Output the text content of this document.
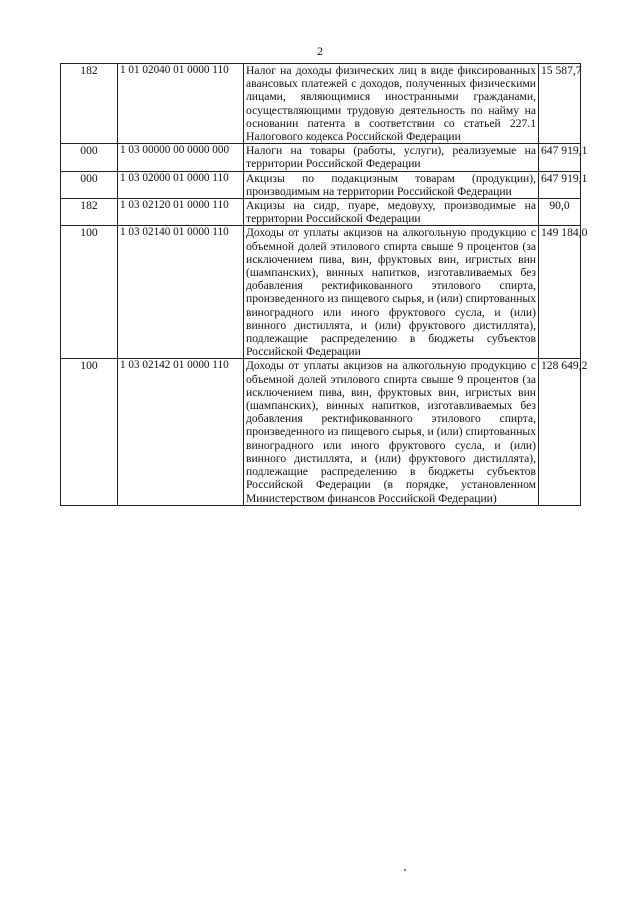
2
182	1 01 02040 01 0000 110	Налог на доходы физических лиц в виде фиксированных авансовых платежей с доходов, полученных физическими лицами, являющимися иностранными гражданами, осуществляющими трудовую деятельность по найму на основании патента в соответствии со статьей 227.1 Налогового кодекса Российской Федерации	15 587,7
000	1 03 00000 00 0000 000	Налоги на товары (работы, услуги), реализуемые на территории Российской Федерации	647 919,1
000	1 03 02000 01 0000 110	Акцизы по подакцизным товарам (продукции), производимым на территории Российской Федерации	647 919,1
182	1 03 02120 01 0000 110	Акцизы на сидр, пуаре, медовуху, производимые на территории Российской Федерации	90,0
100	1 03 02140 01 0000 110	Доходы от уплаты акцизов на алкогольную продукцию с объемной долей этилового спирта свыше 9 процентов (за исключением пива, вин, фруктовых вин, игристых вин (шампанских), винных напитков, изготавливаемых без добавления ректификованного этилового спирта, произведенного из пищевого сырья, и (или) спиртованных виноградного или иного фруктового сусла, и (или) винного дистиллята, и (или) фруктового дистиллята), подлежащие распределению в бюджеты субъектов Российской Федерации	149 184,0
100	1 03 02142 01 0000 110	Доходы от уплаты акцизов на алкогольную продукцию с объемной долей этилового спирта свыше 9 процентов (за исключением пива, вин, фруктовых вин, игристых вин (шампанских), винных напитков, изготавливаемых без добавления ректификованного этилового спирта, произведенного из пищевого сырья, и (или) спиртованных виноградного или иного фруктового сусла, и (или) винного дистиллята, и (или) фруктового дистиллята), подлежащие распределению в бюджеты субъектов Российской Федерации (в порядке, установленном Министерством финансов Российской Федерации)	128 649,2
